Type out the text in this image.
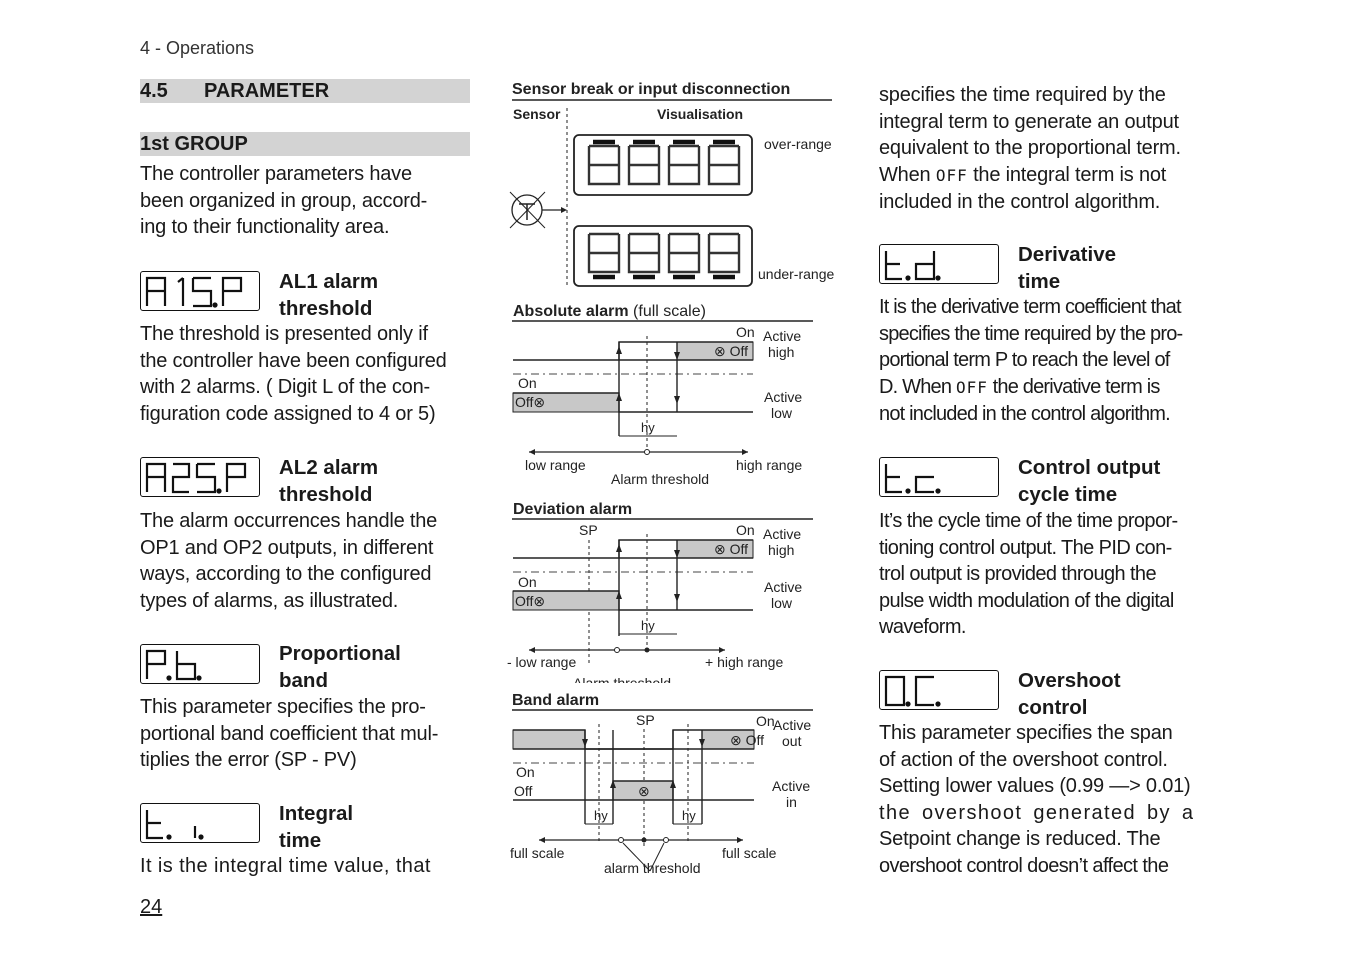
4 - Operations
4.5 PARAMETER
1st GROUP
The controller parameters have
been organized in group, accord-
ing to their functionality area.
AL1 alarm
threshold
The threshold is presented only if
the controller have been configured
with 2 alarms. ( Digit L of the con-
figuration code assigned to 4 or 5)
AL2 alarm
threshold
The alarm occurrences handle the
OP1 and OP2 outputs, in different
ways, according to the configured
types of alarms, as illustrated.
Proportional
band
This parameter specifies the pro-
portional band coefficient that mul-
tiplies the error (SP - PV)
Integral
time
It is the integral time value, that
24
Sensor break or input disconnection
Sensor	Visualisation
over-range
under-range
Absolute alarm (full scale)
hy
On
⊗ Off
Active high
On
Off⊗	Active low
low range	high range
Alarm threshold
Deviation alarm
SP
hy
On
⊗ Off
Active high
On
Off⊗
Active low
- low range	+ high range
Band alarm
SP
hy	hy
On
⊗ Off
Active out
On
Off	⊗	Active in
full scale	full scale
alarm threshold
specifies the time required by the
integral term to generate an output
equivalent to the proportional term.
When OFF the integral term is not
included in the control algorithm.
Derivative
time
It is the derivative term coefficient that
specifies the time required by the pro-
portional term P to reach the level of
D. When OFF the derivative term is
not included in the control algorithm.
Control output
cycle time
It’s the cycle time of the time propor-
tioning control output. The PID con-
trol output is provided through the
pulse width modulation of the digital
waveform.
Overshoot
control
This parameter specifies the span
of action of the overshoot control.
Setting lower values (0.99 —> 0.01)
the overshoot generated by a
Setpoint change is reduced. The
overshoot control doesn’t affect the
